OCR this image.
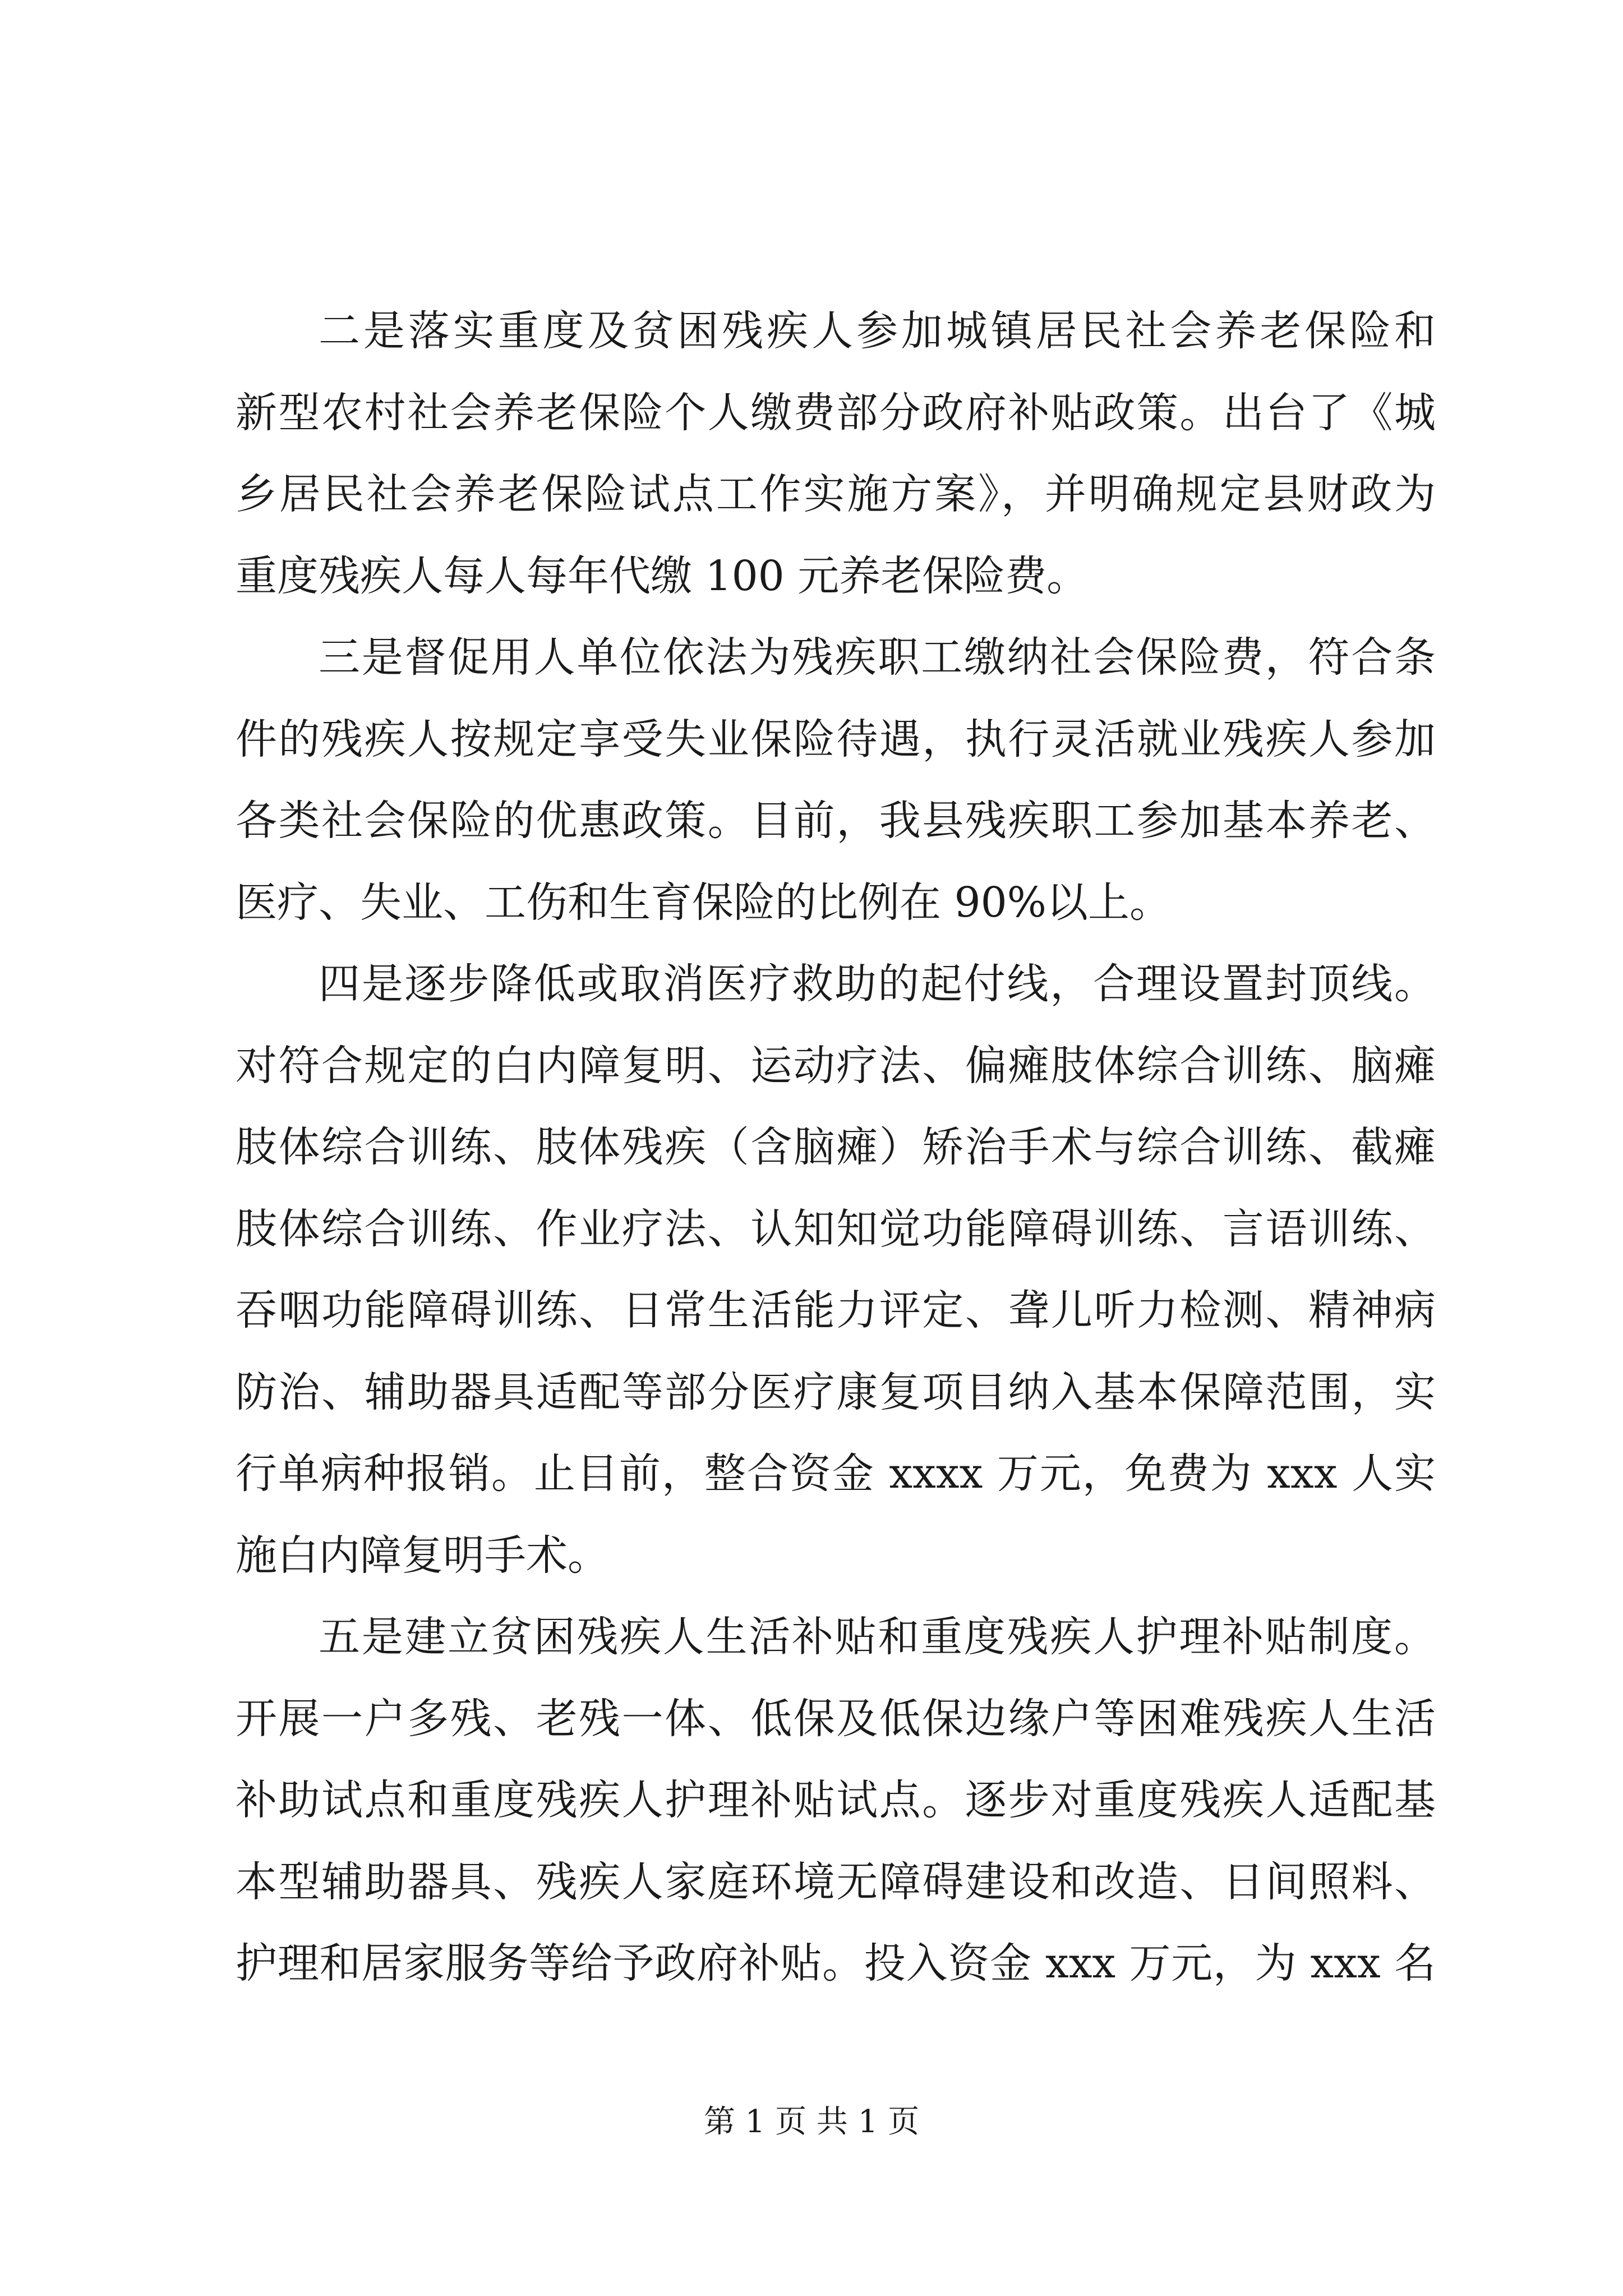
二是落实重度及贫困残疾人参加城镇居民社会养老保险和
新型农村社会养老保险个人缴费部分政府补贴政策。出台了《城
乡居民社会养老保险试点工作实施方案》，并明确规定县财政为
重度残疾人每人每年代缴 100 元养老保险费。
三是督促用人单位依法为残疾职工缴纳社会保险费，符合条
件的残疾人按规定享受失业保险待遇，执行灵活就业残疾人参加
各类社会保险的优惠政策。目前，我县残疾职工参加基本养老、
医疗、失业、工伤和生育保险的比例在 90%以上。
四是逐步降低或取消医疗救助的起付线，合理设置封顶线。
对符合规定的白内障复明、运动疗法、偏瘫肢体综合训练、脑瘫
肢体综合训练、肢体残疾（含脑瘫）矫治手术与综合训练、截瘫
肢体综合训练、作业疗法、认知知觉功能障碍训练、言语训练、
吞咽功能障碍训练、日常生活能力评定、聋儿听力检测、精神病
防治、辅助器具适配等部分医疗康复项目纳入基本保障范围，实
行单病种报销。止目前，整合资金 xxxx 万元，免费为 xxx 人实
施白内障复明手术。
五是建立贫困残疾人生活补贴和重度残疾人护理补贴制度。
开展一户多残、老残一体、低保及低保边缘户等困难残疾人生活
补助试点和重度残疾人护理补贴试点。逐步对重度残疾人适配基
本型辅助器具、残疾人家庭环境无障碍建设和改造、日间照料、
护理和居家服务等给予政府补贴。投入资金 xxx 万元，为 xxx 名
第 1 页 共 1 页
